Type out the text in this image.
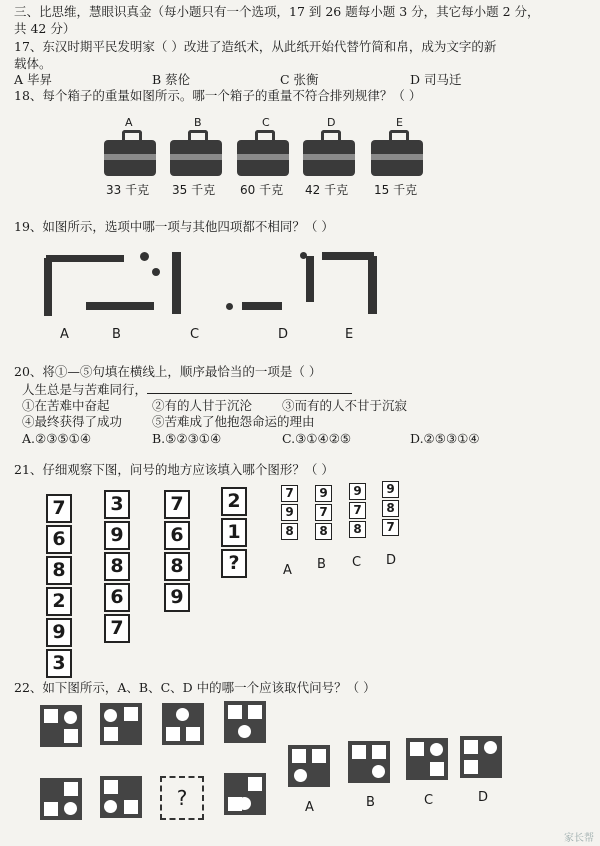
三、比思维，慧眼识真金（每小题只有一个选项，17 到 26 题每小题 3 分，其它每小题 2 分，
共 42 分）
17、东汉时期平民发明家（ ）改进了造纸术，从此纸开始代替竹简和帛，成为文字的新
载体。
A 毕昇	B 蔡伦	C 张衡	D 司马迁
18、每个箱子的重量如图所示。哪一个箱子的重量不符合排列规律？（ ）
A	B	C	D	E
33 千克 35 千克 60 千克 42 千克 15 千克
19、如图所示，选项中哪一项与其他四项都不相同？（ ）
A	B	C	D	E
20、将①—⑤句填在横线上，顺序最恰当的一项是（ ）
人生总是与苦难同行，
①在苦难中奋起	②有的人甘于沉沦 ③而有的人不甘于沉寂
④最终获得了成功 ⑤苦难成了他抱怨命运的理由
A.②③⑤①④	B.⑤②③①④	C.③①④②⑤	D.②⑤③①④
21、仔细观察下图，问号的地方应该填入哪个图形？（ ）
7
6
8
2
9
3
3
9
8
6
7
7
6
8
9
2
1
?
7
9
8
9
7
8
9
7
8
9
8
7
A B C D
22、如下图所示，A、B、C、D 中的哪一个应该取代问号？（ ）
?	A	B	C	D
家长帮
